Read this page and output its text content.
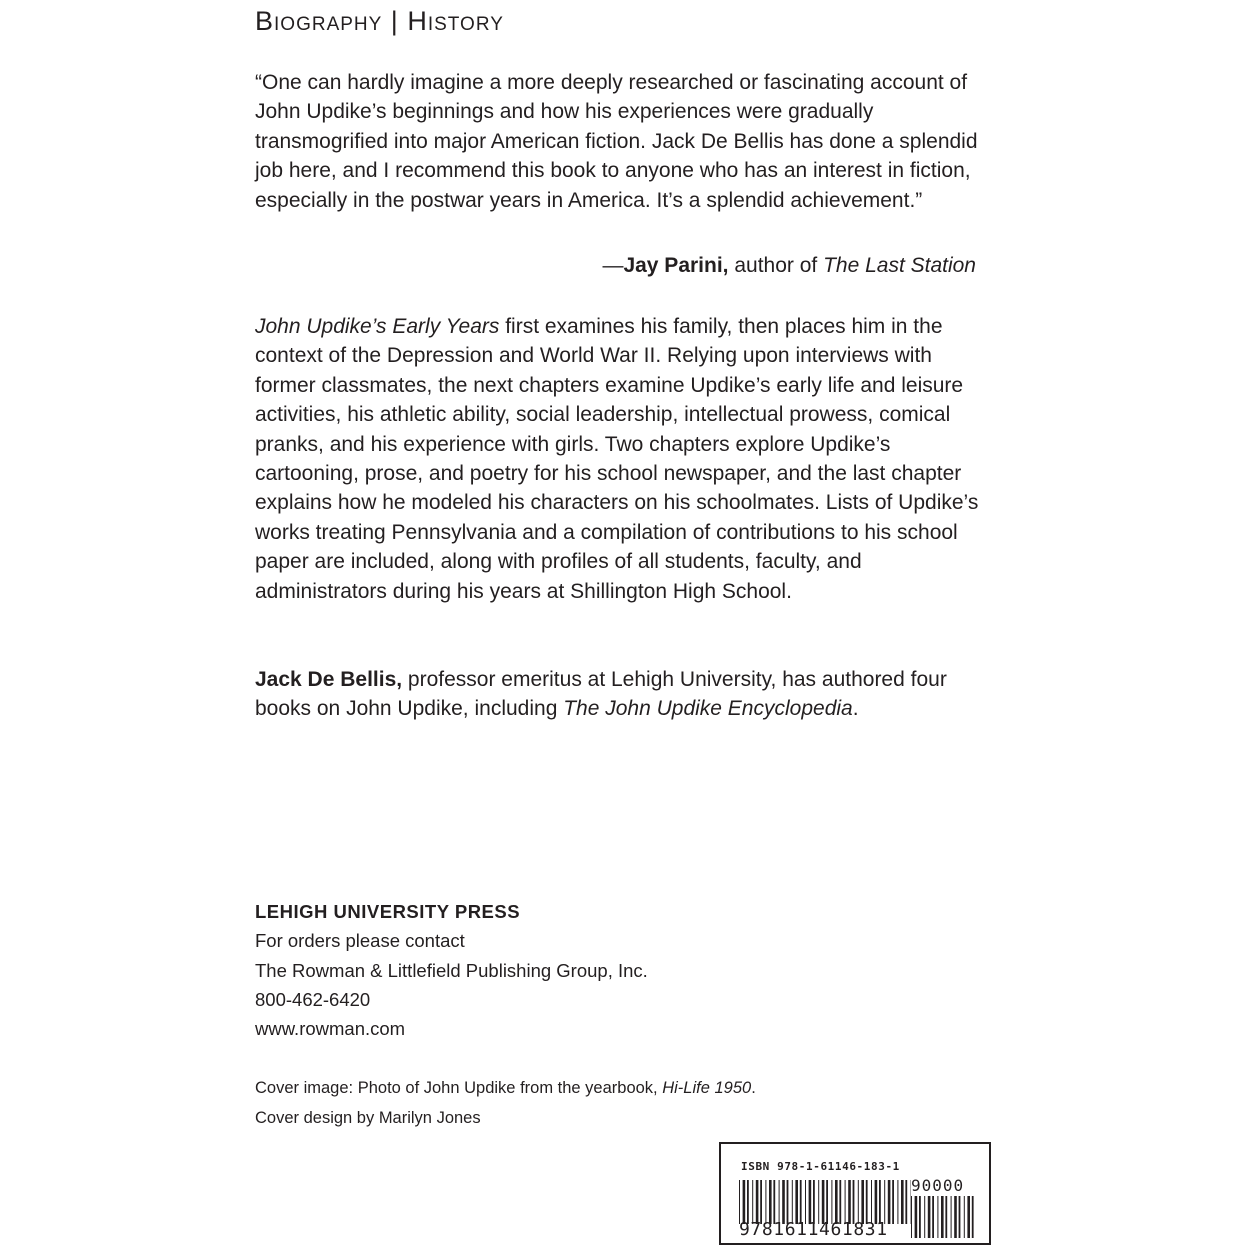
Biography | History
“One can hardly imagine a more deeply researched or fascinating account of John Updike’s beginnings and how his experiences were gradually transmogrified into major American fiction. Jack De Bellis has done a splendid job here, and I recommend this book to anyone who has an interest in fiction, especially in the postwar years in America. It’s a splendid achievement.”
—Jay Parini, author of The Last Station
John Updike’s Early Years first examines his family, then places him in the context of the Depression and World War II. Relying upon interviews with former classmates, the next chapters examine Updike’s early life and leisure activities, his athletic ability, social leadership, intellectual prowess, comical pranks, and his experience with girls. Two chapters explore Updike’s cartooning, prose, and poetry for his school newspaper, and the last chapter explains how he modeled his characters on his schoolmates. Lists of Updike’s works treating Pennsylvania and a compilation of contributions to his school paper are included, along with profiles of all students, faculty, and administrators during his years at Shillington High School.
Jack De Bellis, professor emeritus at Lehigh University, has authored four books on John Updike, including The John Updike Encyclopedia.
LEHIGH UNIVERSITY PRESS
For orders please contact
The Rowman & Littlefield Publishing Group, Inc.
800-462-6420
www.rowman.com
Cover image: Photo of John Updike from the yearbook, Hi-Life 1950.
Cover design by Marilyn Jones
ISBN 978-1-61146-183-1
90000
9781611461831
